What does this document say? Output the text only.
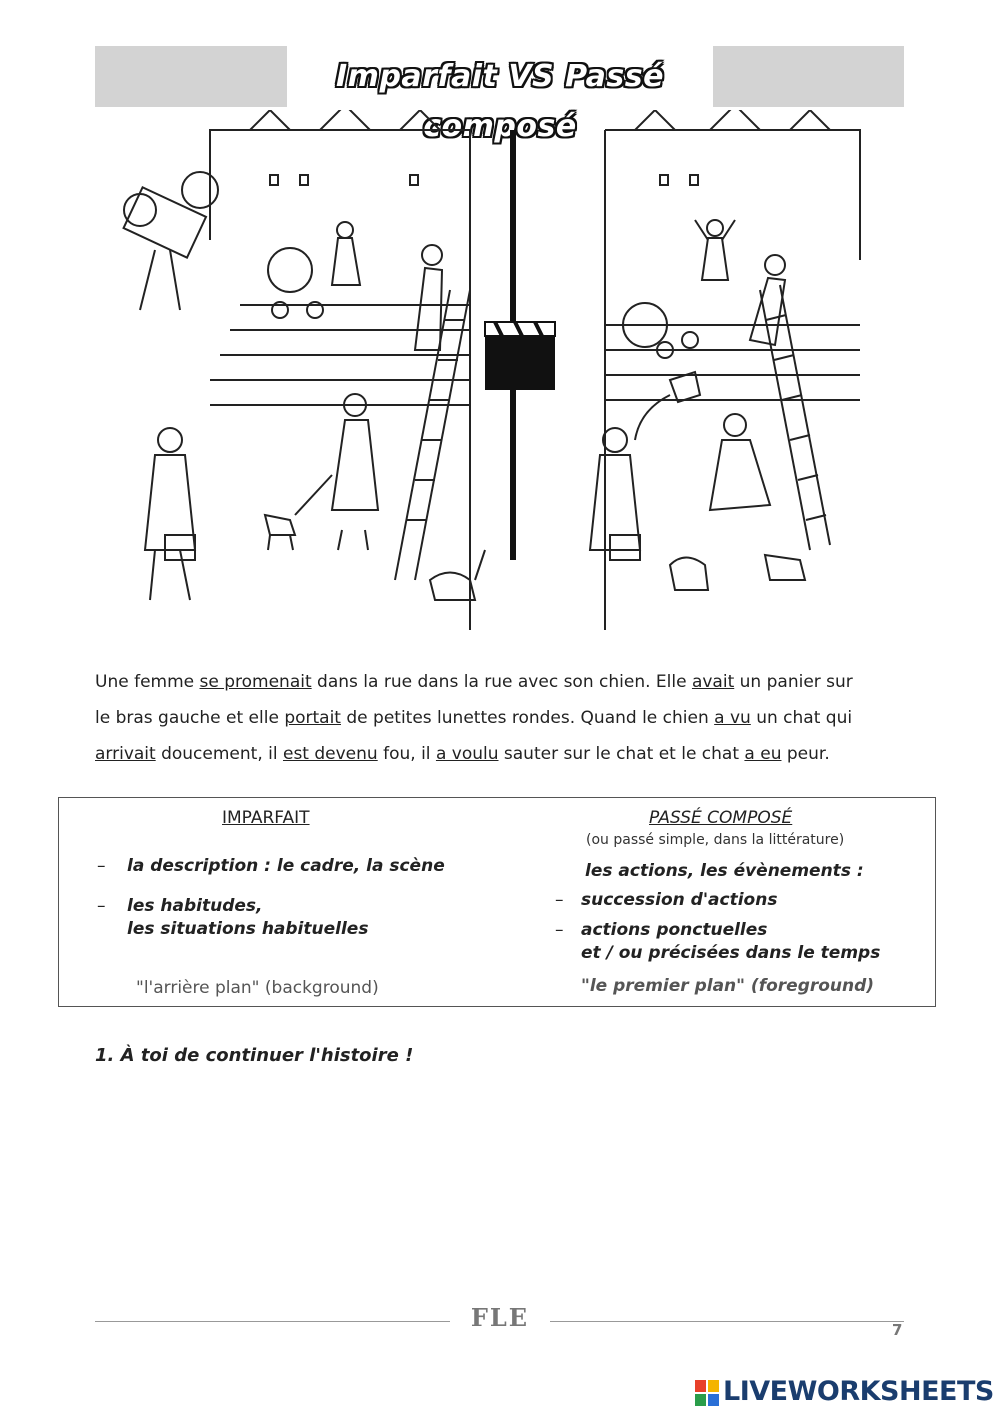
Imparfait VS Passé composé
Une femme se promenait dans la rue dans la rue avec son chien. Elle avait un panier sur
le bras gauche et elle portait de petites lunettes rondes. Quand le chien a vu un chat qui
arrivait doucement, il est devenu fou, il a voulu sauter sur le chat et le chat a eu peur.
IMPARFAIT
– la description : le cadre, la scène
– les habitudes,
les situations habituelles
"l'arrière plan" (background)
PASSÉ COMPOSÉ
(ou passé simple, dans la littérature)
les actions, les évènements :
– succession d'actions
– actions ponctuelles
et / ou précisées dans le temps
"le premier plan" (foreground)
1. À toi de continuer l'histoire !
FLE	7
LIVEWORKSHEETS
